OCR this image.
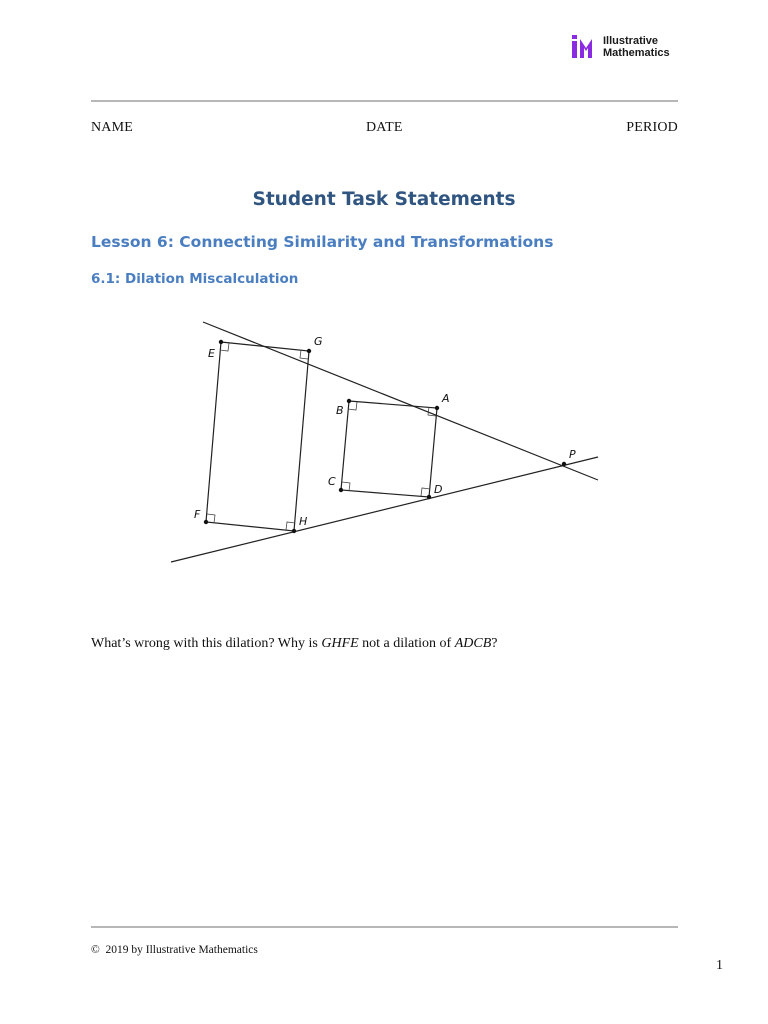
Illustrative
Mathematics
NAME	DATE	PERIOD
Student Task Statements
Lesson 6: Connecting Similarity and Transformations
6.1: Dilation Miscalculation
E
G
B
A
P
C
D
F
H
What’s wrong with this dilation? Why is GHFE not a dilation of ADCB?
© 2019 by Illustrative Mathematics
1
